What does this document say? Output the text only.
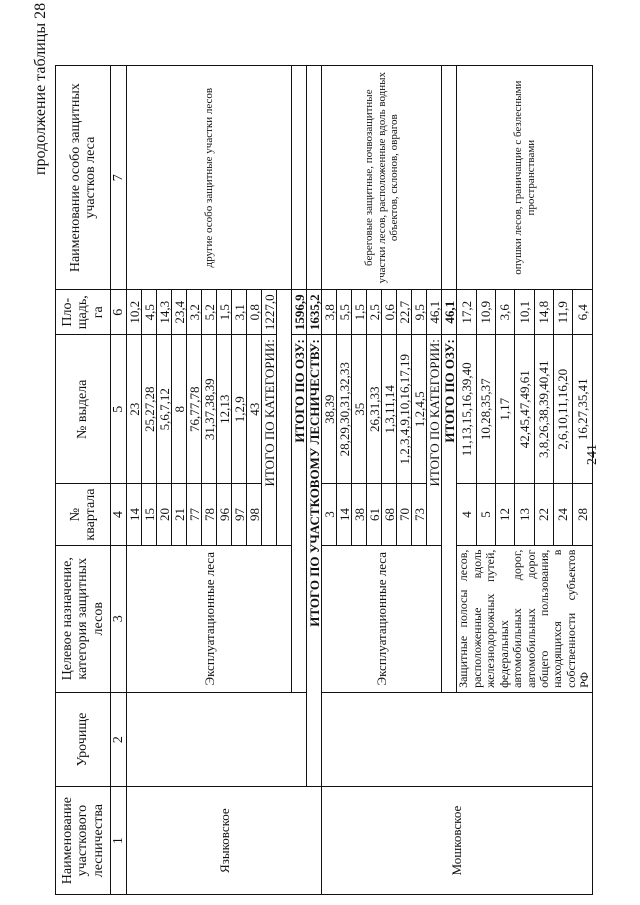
продолжение таблицы 28
Наименование участкового лесничества	Урочище	Целевое назначение, категория защитных лесов	№ квартала	№ выдела	Пло-щадь, га	Наименование особо защитных участков леса
1	2	3	4	5	6	7
Языковское		Эксплуатационные леса	14	23	10,2	другие особо защитные участки лесов
			15	25,27,28	4,5	
			20	5,6,7,12	14,3	
			21	8	23,4	
			77	76,77,78	3,2	
			78	31,37,38,39	5,2	
			96	12,13	1,5	
			97	1,2,9	3,1	
			98	43	0,8	
			ИТОГО ПО КАТЕГОРИИ:		1227,0	

		ИТОГО ПО ОЗУ:			1596,9	
	ИТОГО ПО УЧАСТКОВОМУ ЛЕСНИЧЕСТВУ:				1635,2	
Мошковское		Эксплуатационные леса	3	38,39	3,8	береговые защитные, почвозащитные участки лесов, расположенные вдоль водных объектов, склонов, оврагов
			14	28,29,30,31,32,33	5,5	
			38	35	1,5	
			61	26,31,33	2,5	
			68	1,3,11,14	0,6	
			70	1,2,3,4,9,10,16,17,19	22,7	
			73	1,2,4,5	9,5	
			ИТОГО ПО КАТЕГОРИИ:		46,1	
		ИТОГО ПО ОЗУ:			46,1	
		Защитные полосы лесов, расположенные вдоль железнодорожных путей, федеральных автомобильных дорог, автомобильных дорог общего пользования, находящихся в собственности субъектов РФ	4	11,13,15,16,39,40	17,2	опушки лесов, граничащие с безлесными пространствами
			5	10,28,35,37	10,9	
			12	1,17	3,6	
			13	42,45,47,49,61	10,1	
			22	3,8,26,38,39,40,41	14,8	
			24	2,6,10,11,16,20	11,9	
			28	16,27,35,41	6,4	
241
